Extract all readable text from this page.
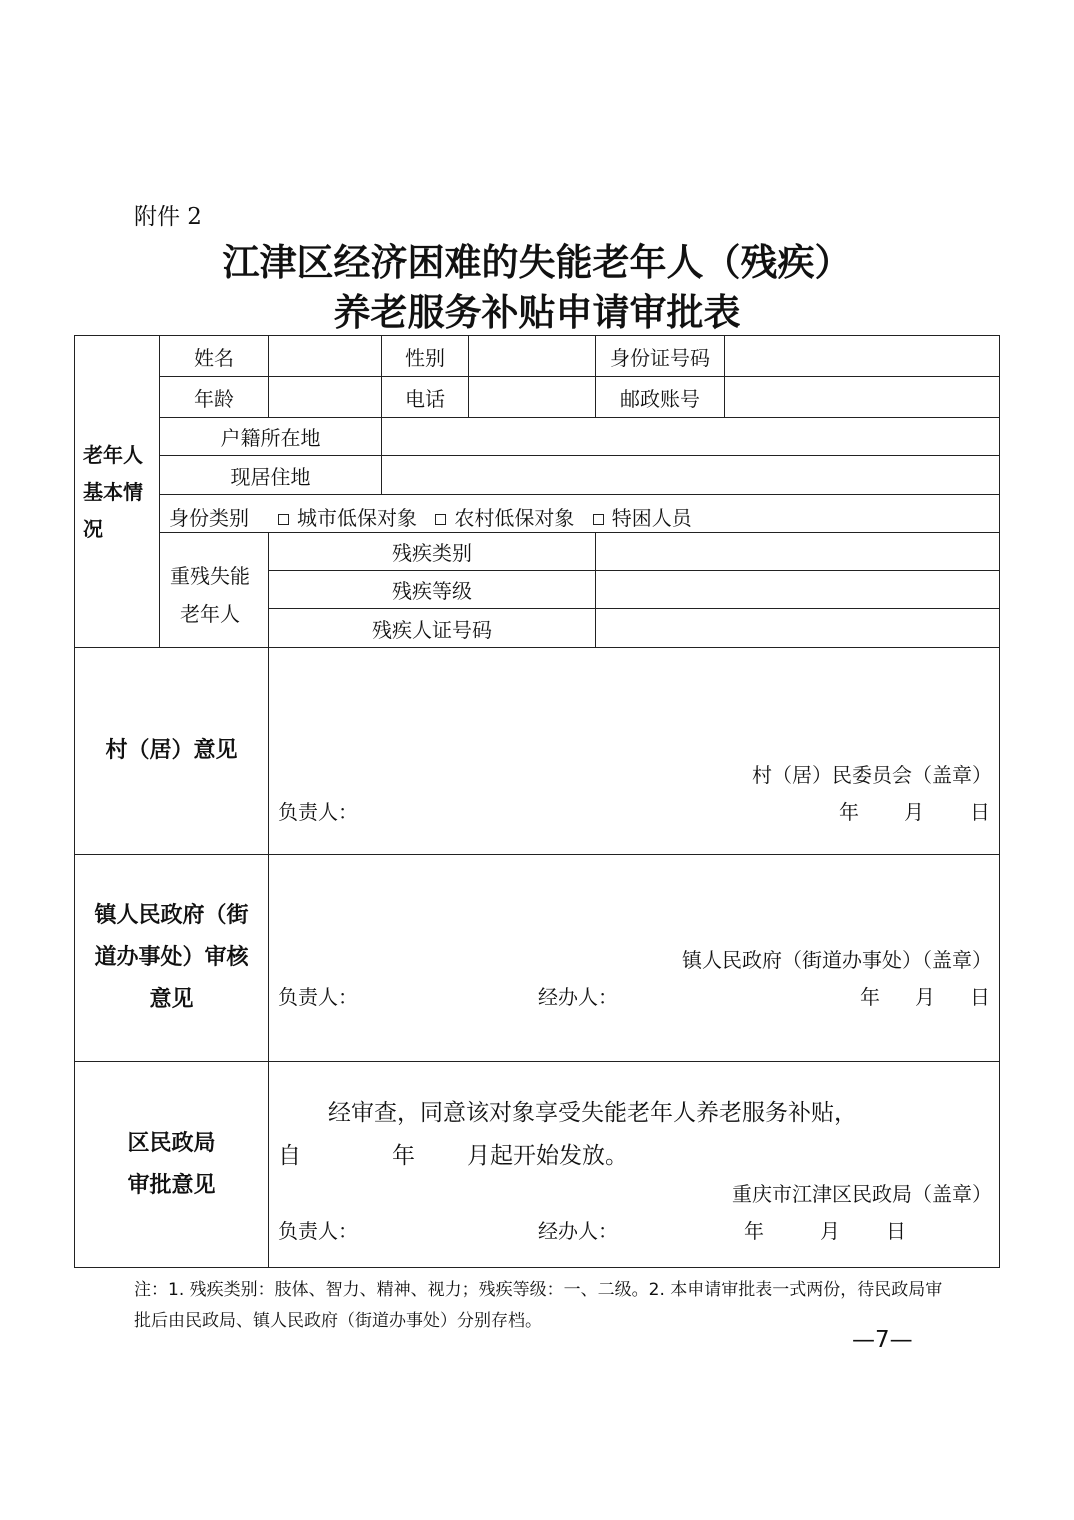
附件 2
江津区经济困难的失能老年人（残疾）
养老服务补贴申请审批表
老年人基本情况
姓名	性别	身份证号码
年龄	电话	邮政账号
户籍所在地
现居住地
身份类别	城市低保对象 农村低保对象 特困人员
重残失能
老年人
残疾类别
残疾等级
残疾人证号码
村（居）意见
村（居）民委员会（盖章）
负责人：	年 月 日
镇人民政府（街
道办事处）审核
意见
镇人民政府（街道办事处）（盖章）
负责人：	经办人：	年 月 日
区民政局
审批意见
经审查，同意该对象享受失能老年人养老服务补贴，
自	年 月起开始发放。
重庆市江津区民政局（盖章）
负责人：	经办人：	年	月 日
注：1. 残疾类别：肢体、智力、精神、视力；残疾等级：一、二级。2. 本申请审批表一式两份，待民政局审
批后由民政局、镇人民政府（街道办事处）分别存档。
—7—
